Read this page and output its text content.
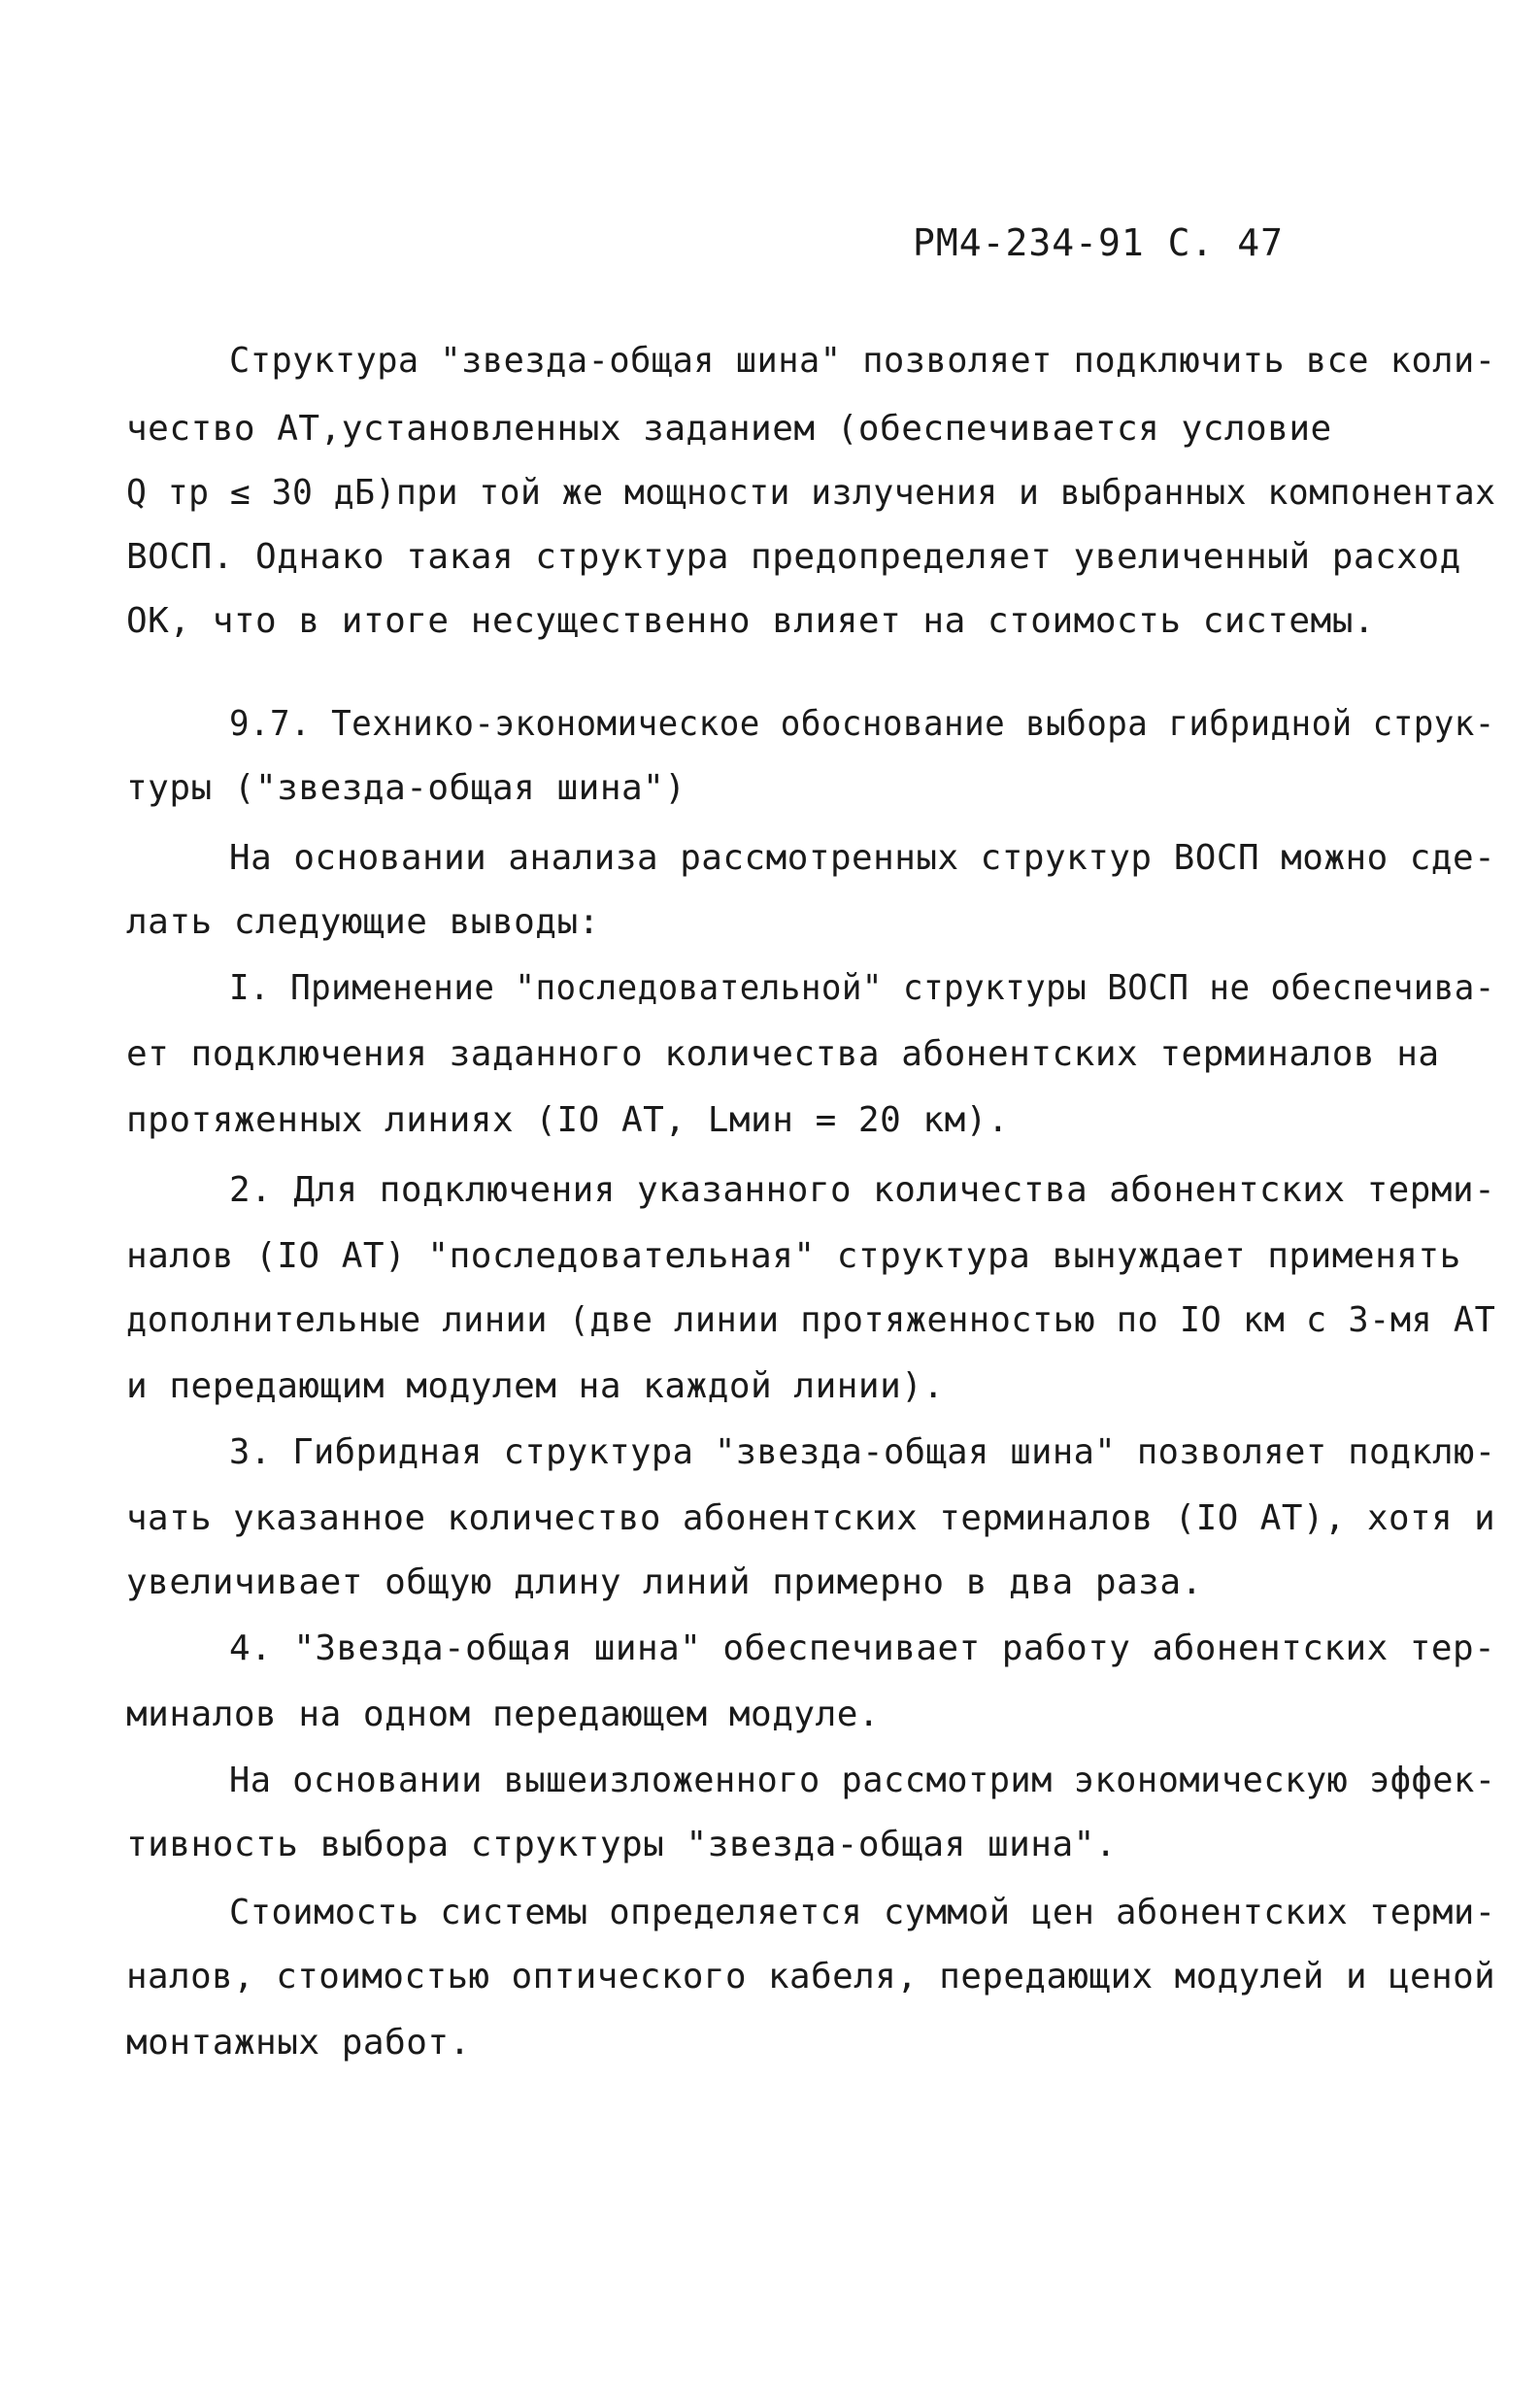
РМ4-234-91 С. 47
Структура "звезда-общая шина" позволяет подключить все коли-
чество АТ,установленных заданием (обеспечивается условие
Q тр ≤ 30 дБ)при той же мощности излучения и выбранных компонентах
ВОСП. Однако такая структура предопределяет увеличенный расход
ОК, что в итоге несущественно влияет на стоимость системы.
9.7. Технико-экономическое обоснование выбора гибридной струк-
туры ("звезда-общая шина")
На основании анализа рассмотренных структур ВОСП можно сде-
лать следующие выводы:
I. Применение "последовательной" структуры ВОСП не обеспечива-
ет подключения заданного количества абонентских терминалов на
протяженных линиях (IO АТ, Lмин = 20 км).
2. Для подключения указанного количества абонентских терми-
налов (IO АТ) "последовательная" структура вынуждает применять
дополнительные линии (две линии протяженностью по IO км с 3-мя АТ
и передающим модулем на каждой линии).
3. Гибридная структура "звезда-общая шина" позволяет подклю-
чать указанное количество абонентских терминалов (IO АТ), хотя и
увеличивает общую длину линий примерно в два раза.
4. "Звезда-общая шина" обеспечивает работу абонентских тер-
миналов на одном передающем модуле.
На основании вышеизложенного рассмотрим экономическую эффек-
тивность выбора структуры "звезда-общая шина".
Стоимость системы определяется суммой цен абонентских терми-
налов, стоимостью оптического кабеля, передающих модулей и ценой
монтажных работ.
